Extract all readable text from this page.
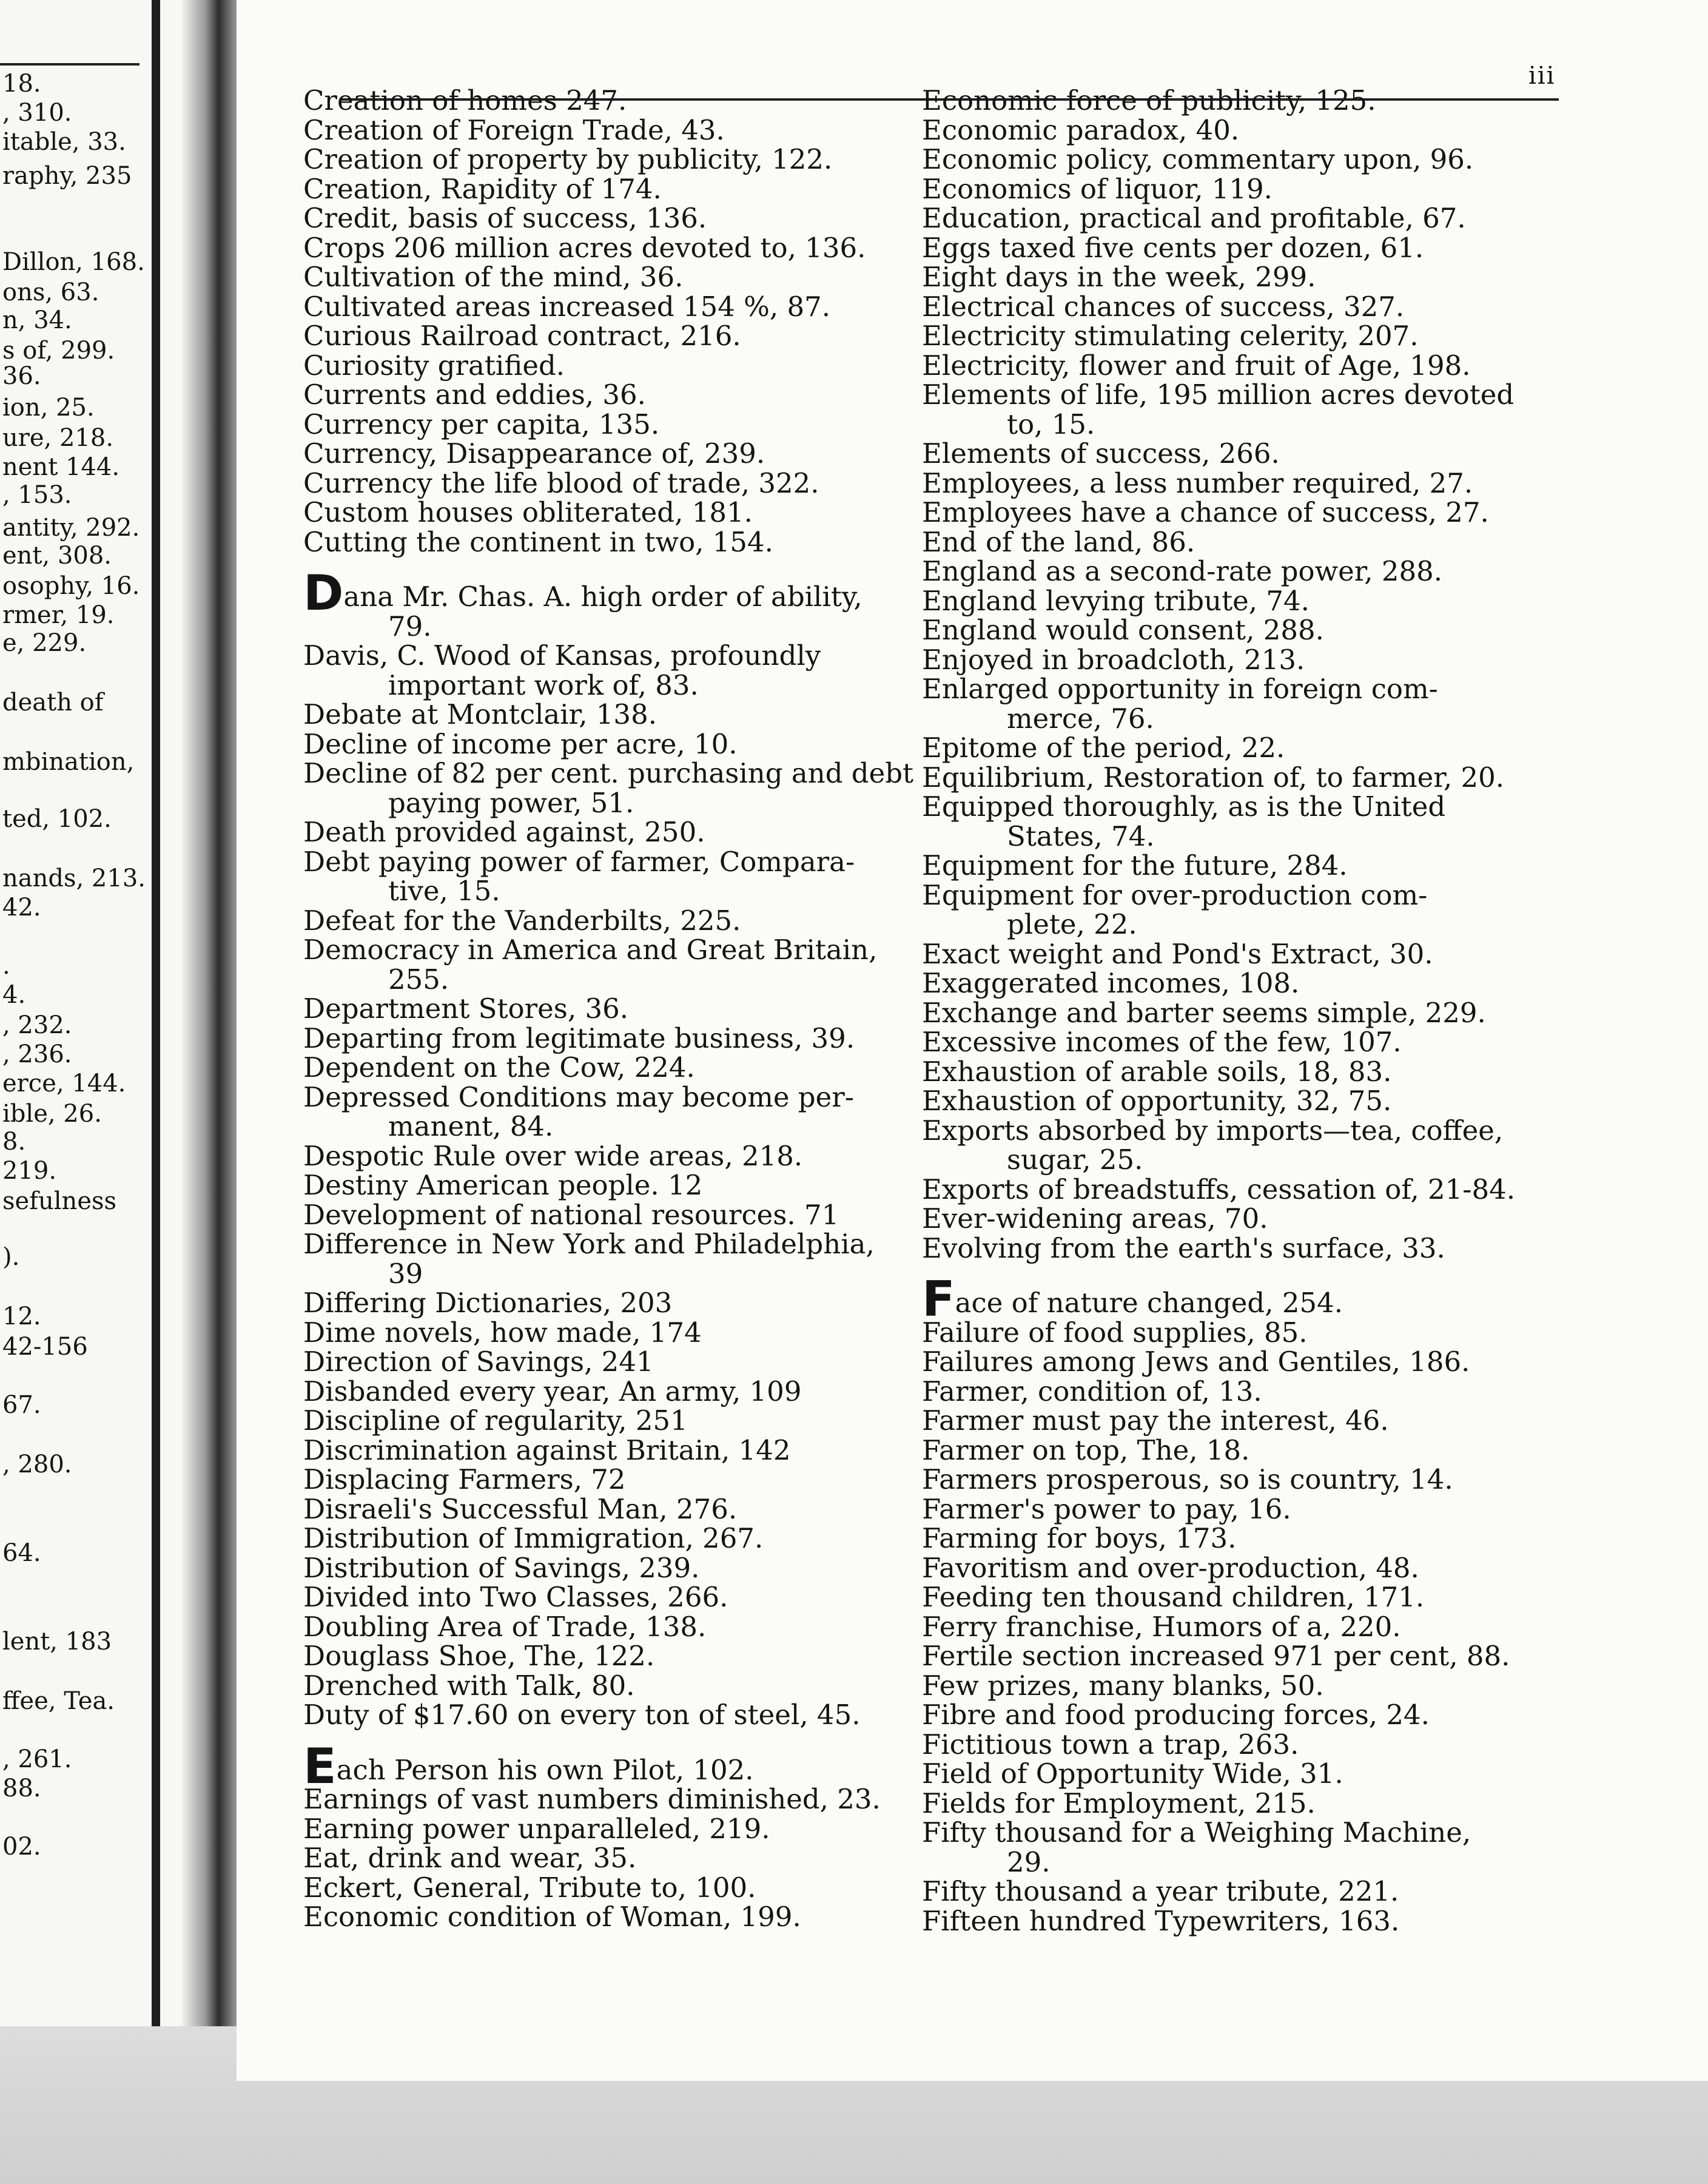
18.
, 310.
itable, 33.
raphy, 235
Dillon, 168.
ons, 63.
n, 34.
s of, 299.
36.
ion, 25.
ure, 218.
nent 144.
, 153.
antity, 292.
ent, 308.
osophy, 16.
rmer, 19.
e, 229.
death of
mbination,
ted, 102.
nands, 213.
42.
.
4.
, 232.
, 236.
erce, 144.
ible, 26.
8.
219.
sefulness
).
12.
42-156
67.
, 280.
64.
lent, 183
ffee, Tea.
, 261.
88.
02.
iii
Creation of homes 247.
Creation of Foreign Trade, 43.
Creation of property by publicity, 122.
Creation, Rapidity of 174.
Credit, basis of success, 136.
Crops 206 million acres devoted to, 136.
Cultivation of the mind, 36.
Cultivated areas increased 154 %, 87.
Curious Railroad contract, 216.
Curiosity gratified.
Currents and eddies, 36.
Currency per capita, 135.
Currency, Disappearance of, 239.
Currency the life blood of trade, 322.
Custom houses obliterated, 181.
Cutting the continent in two, 154.
Dana Mr. Chas. A. high order of ability,
79.
Davis, C. Wood of Kansas, profoundly
important work of, 83.
Debate at Montclair, 138.
Decline of income per acre, 10.
Decline of 82 per cent. purchasing and debt
paying power, 51.
Death provided against, 250.
Debt paying power of farmer, Compara-
tive, 15.
Defeat for the Vanderbilts, 225.
Democracy in America and Great Britain,
255.
Department Stores, 36.
Departing from legitimate business, 39.
Dependent on the Cow, 224.
Depressed Conditions may become per-
manent, 84.
Despotic Rule over wide areas, 218.
Destiny American people. 12
Development of national resources. 71
Difference in New York and Philadelphia,
39
Differing Dictionaries, 203
Dime novels, how made, 174
Direction of Savings, 241
Disbanded every year, An army, 109
Discipline of regularity, 251
Discrimination against Britain, 142
Displacing Farmers, 72
Disraeli's Successful Man, 276.
Distribution of Immigration, 267.
Distribution of Savings, 239.
Divided into Two Classes, 266.
Doubling Area of Trade, 138.
Douglass Shoe, The, 122.
Drenched with Talk, 80.
Duty of $17.60 on every ton of steel, 45.
Each Person his own Pilot, 102.
Earnings of vast numbers diminished, 23.
Earning power unparalleled, 219.
Eat, drink and wear, 35.
Eckert, General, Tribute to, 100.
Economic condition of Woman, 199.
Economic force of publicity, 125.
Economic paradox, 40.
Economic policy, commentary upon, 96.
Economics of liquor, 119.
Education, practical and profitable, 67.
Eggs taxed five cents per dozen, 61.
Eight days in the week, 299.
Electrical chances of success, 327.
Electricity stimulating celerity, 207.
Electricity, flower and fruit of Age, 198.
Elements of life, 195 million acres devoted
to, 15.
Elements of success, 266.
Employees, a less number required, 27.
Employees have a chance of success, 27.
End of the land, 86.
England as a second-rate power, 288.
England levying tribute, 74.
England would consent, 288.
Enjoyed in broadcloth, 213.
Enlarged opportunity in foreign com-
merce, 76.
Epitome of the period, 22.
Equilibrium, Restoration of, to farmer, 20.
Equipped thoroughly, as is the United
States, 74.
Equipment for the future, 284.
Equipment for over-production com-
plete, 22.
Exact weight and Pond's Extract, 30.
Exaggerated incomes, 108.
Exchange and barter seems simple, 229.
Excessive incomes of the few, 107.
Exhaustion of arable soils, 18, 83.
Exhaustion of opportunity, 32, 75.
Exports absorbed by imports—tea, coffee,
sugar, 25.
Exports of breadstuffs, cessation of, 21-84.
Ever-widening areas, 70.
Evolving from the earth's surface, 33.
Face of nature changed, 254.
Failure of food supplies, 85.
Failures among Jews and Gentiles, 186.
Farmer, condition of, 13.
Farmer must pay the interest, 46.
Farmer on top, The, 18.
Farmers prosperous, so is country, 14.
Farmer's power to pay, 16.
Farming for boys, 173.
Favoritism and over-production, 48.
Feeding ten thousand children, 171.
Ferry franchise, Humors of a, 220.
Fertile section increased 971 per cent, 88.
Few prizes, many blanks, 50.
Fibre and food producing forces, 24.
Fictitious town a trap, 263.
Field of Opportunity Wide, 31.
Fields for Employment, 215.
Fifty thousand for a Weighing Machine,
29.
Fifty thousand a year tribute, 221.
Fifteen hundred Typewriters, 163.
